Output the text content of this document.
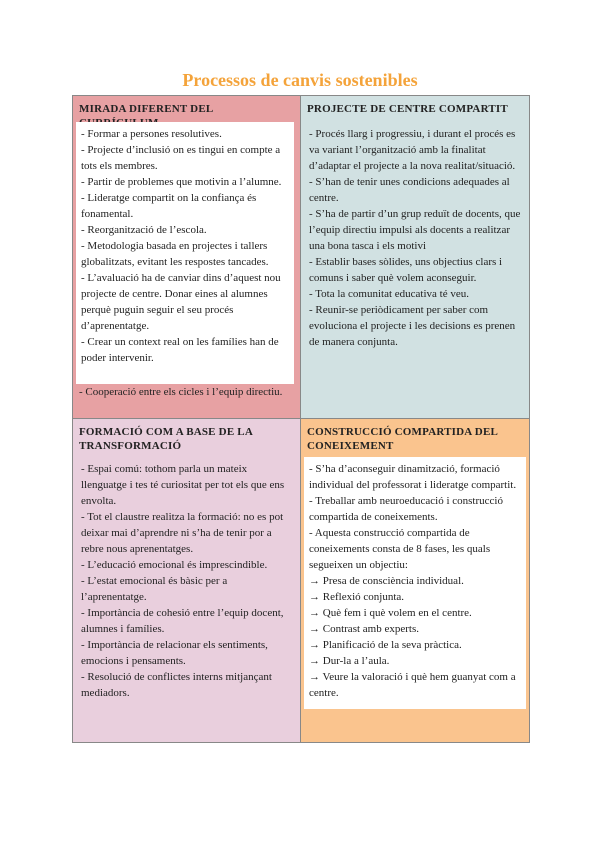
Processos de canvis sostenibles
MIRADA DIFERENT DEL
- Formar a persones resolutives.
- Projecte d’inclusió on es tingui en compte a tots els membres.
- Partir de problemes que motivin a l’alumne.
- Lideratge compartit on la confiança és fonamental.
- Reorganització de l’escola.
- Metodologia basada en projectes i tallers globalitzats, evitant les respostes tancades.
- L’avaluació ha de canviar dins d’aquest nou projecte de centre. Donar eines al alumnes perquè puguin seguir el seu procés d’aprenentatge.
- Crear un context real on les famílies han de poder intervenir.
- Cooperació entre els cicles i l’equip directiu.
PROJECTE DE CENTRE COMPARTIT
- Procés llarg i progressiu, i durant el procés es va variant l’organització amb la finalitat d’adaptar el projecte a la nova realitat/situació.
- S’han de tenir unes condicions adequades al centre.
- S’ha de partir d’un grup reduït de docents, que l’equip directiu impulsi als docents a realitzar una bona tasca i els motivi
- Establir bases sòlides, uns objectius clars i comuns i saber què volem aconseguir.
- Tota la comunitat educativa té veu.
- Reunir-se periòdicament per saber com evoluciona el projecte i les decisions es prenen de manera conjunta.
FORMACIÓ COM A BASE DE LA TRANSFORMACIÓ
- Espai comú: tothom parla un mateix llenguatge i tes té curiositat per tot els que ens envolta.
- Tot el claustre realitza la formació: no es pot deixar mai d’aprendre ni s’ha de tenir por a rebre nous aprenentatges.
- L’educació emocional és imprescindible.
- L’estat emocional és bàsic per a l’aprenentatge.
- Importància de cohesió entre l’equip docent, alumnes i famílies.
- Importància de relacionar els sentiments, emocions i pensaments.
- Resolució de conflictes interns mitjançant mediadors.
CONSTRUCCIÓ COMPARTIDA DEL CONEIXEMENT
- S’ha d’aconseguir dinamització, formació individual del professorat i lideratge compartit.
- Treballar amb neuroeducació i construcció compartida de coneixements.
- Aquesta construcció compartida de coneixements consta de 8 fases, les quals segueixen un objectiu:
→ Presa de consciència individual.
→ Reflexió conjunta.
→ Què fem i què volem en el centre.
→ Contrast amb experts.
→ Planificació de la seva pràctica.
→ Dur-la a l’aula.
→ Veure la valoració i què hem guanyat com a centre.
